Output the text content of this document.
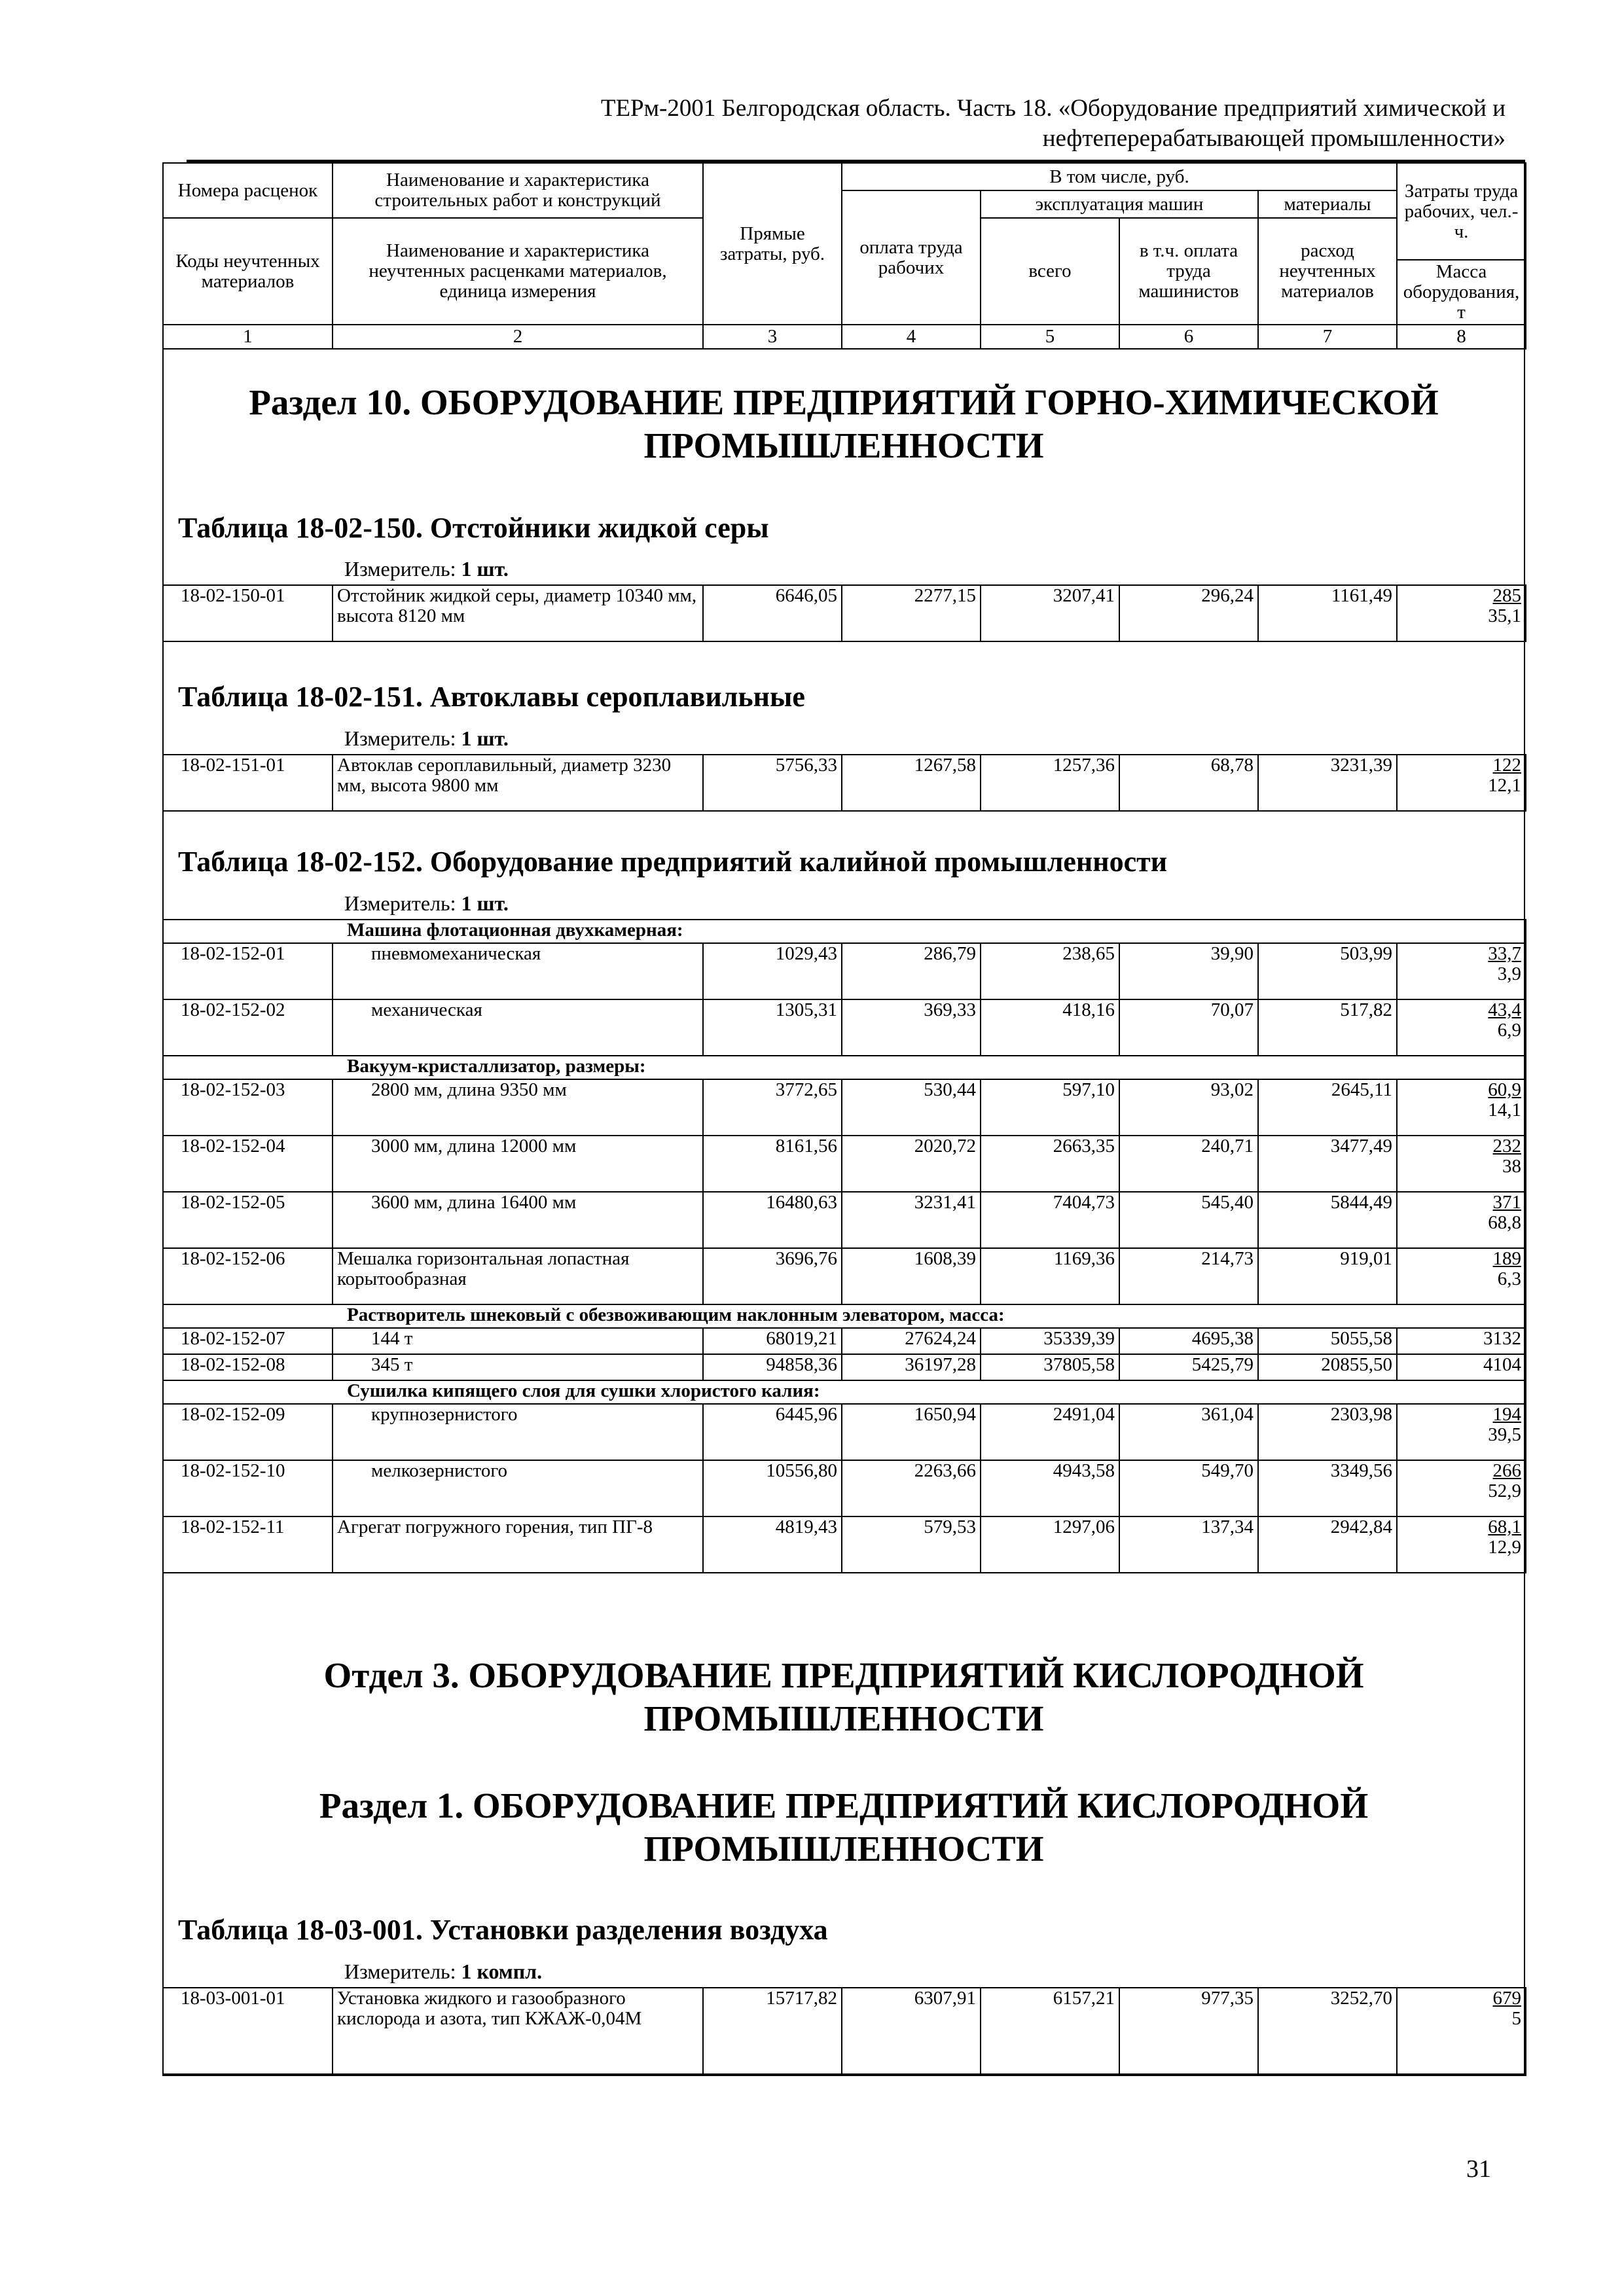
ТЕРм-2001 Белгородская область. Часть 18. «Оборудование предприятий химической и
нефтеперерабатывающей промышленности»
Номера расценок	Наименование и характеристика строительных работ и конструкций	Прямые затраты, руб.	В том числе, руб.				Затраты труда рабочих, чел.-ч.
			оплата труда рабочих	эксплуатация машин		материалы	
Коды неучтенных материалов	Наименование и характеристика неучтенных расценками материалов, единица измерения			всего	в т.ч. оплата труда машинистов	расход неучтенных материалов	
							Масса оборудования, т
1	2	3	4	5	6	7	8
Раздел 10. ОБОРУДОВАНИЕ ПРЕДПРИЯТИЙ ГОРНО-ХИМИЧЕСКОЙ ПРОМЫШЛЕННОСТИ
Таблица 18-02-150. Отстойники жидкой серы
Измеритель: 1 шт.
18-02-150-01	Отстойник жидкой серы, диаметр 10340 мм, высота 8120 мм	6646,05	2277,15	3207,41	296,24	1161,49	285
35,1
Таблица 18-02-151. Автоклавы сероплавильные
Измеритель: 1 шт.
18-02-151-01	Автоклав сероплавильный, диаметр 3230 мм, высота 9800 мм	5756,33	1267,58	1257,36	68,78	3231,39	122
12,1
Таблица 18-02-152. Оборудование предприятий калийной промышленности
Измеритель: 1 шт.
Машина флотационная двухкамерная:							
18-02-152-01	пневмомеханическая	1029,43	286,79	238,65	39,90	503,99	33,7
3,9

18-02-152-02	механическая	1305,31	369,33	418,16	70,07	517,82	43,4
6,9

Вакуум-кристаллизатор, размеры:							
18-02-152-03	2800 мм, длина 9350 мм	3772,65	530,44	597,10	93,02	2645,11	60,9
14,1

18-02-152-04	3000 мм, длина 12000 мм	8161,56	2020,72	2663,35	240,71	3477,49	232
38

18-02-152-05	3600 мм, длина 16400 мм	16480,63	3231,41	7404,73	545,40	5844,49	371
68,8

18-02-152-06	Мешалка горизонтальная лопастная корытообразная	3696,76	1608,39	1169,36	214,73	919,01	189
6,3

Растворитель шнековый с обезвоживающим наклонным элеватором, масса:							
18-02-152-07	144 т	68019,21	27624,24	35339,39	4695,38	5055,58	3132
18-02-152-08	345 т	94858,36	36197,28	37805,58	5425,79	20855,50	4104
Сушилка кипящего слоя для сушки хлористого калия:							
18-02-152-09	крупнозернистого	6445,96	1650,94	2491,04	361,04	2303,98	194
39,5

18-02-152-10	мелкозернистого	10556,80	2263,66	4943,58	549,70	3349,56	266
52,9

18-02-152-11	Агрегат погружного горения, тип ПГ-8	4819,43	579,53	1297,06	137,34	2942,84	68,1
12,9
Отдел 3. ОБОРУДОВАНИЕ ПРЕДПРИЯТИЙ КИСЛОРОДНОЙ ПРОМЫШЛЕННОСТИ
Раздел 1. ОБОРУДОВАНИЕ ПРЕДПРИЯТИЙ КИСЛОРОДНОЙ ПРОМЫШЛЕННОСТИ
Таблица 18-03-001. Установки разделения воздуха
Измеритель: 1 компл.
18-03-001-01	Установка жидкого и газообразного кислорода и азота, тип КЖАЖ-0,04М	15717,82	6307,91	6157,21	977,35	3252,70	679
5
31
